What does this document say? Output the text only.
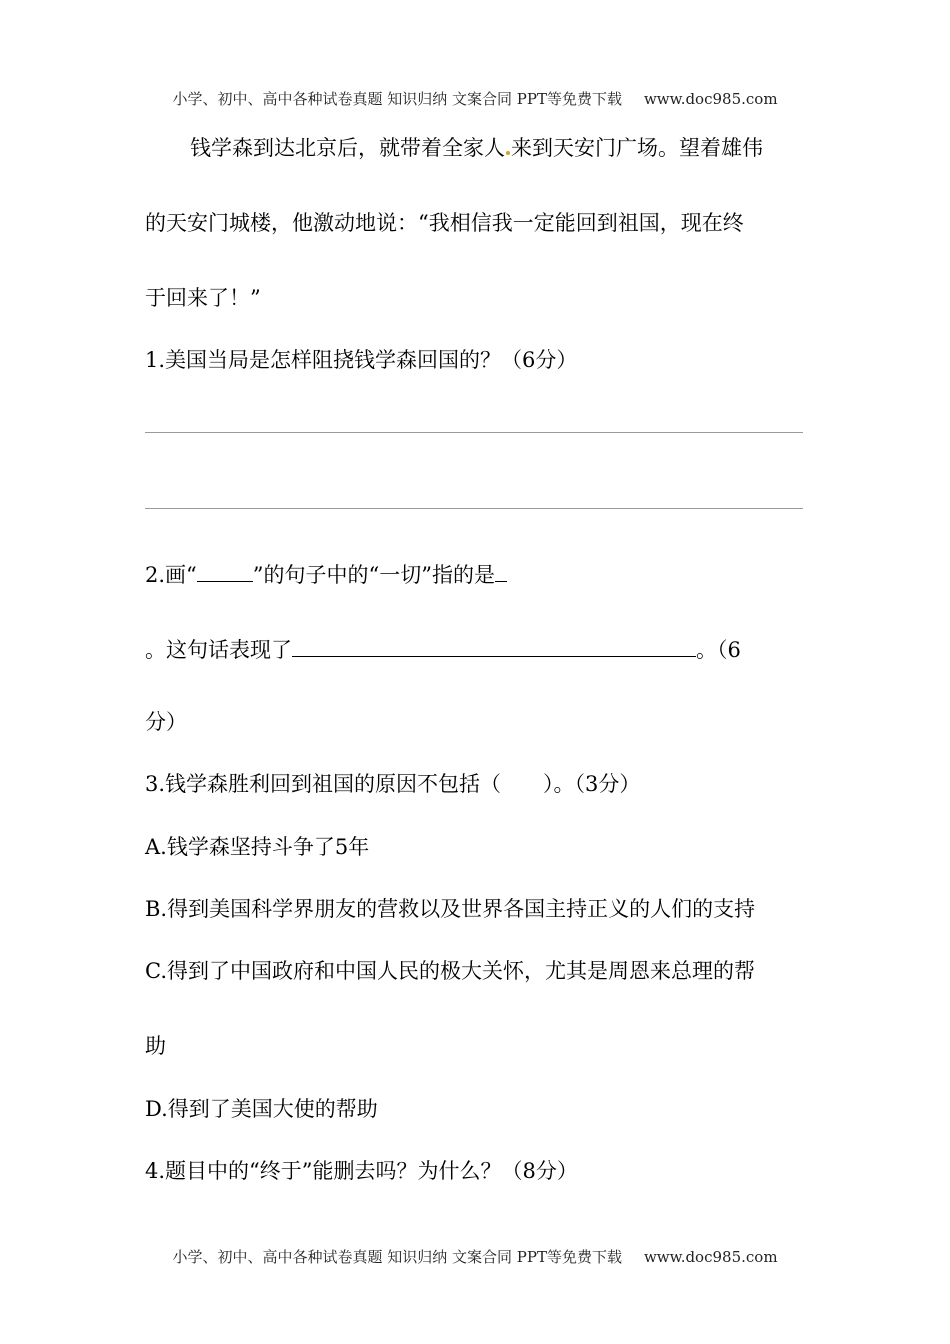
小学、初中、高中各种试卷真题 知识归纳 文案合同 PPT等免费下载 www.doc985.com
钱学森到达北京后，就带着全家人 来到天安门广场。望着雄伟
的天安门城楼，他激动地说：“我相信我一定能回到祖国，现在终
于回来了！”
1.美国当局是怎样阻挠钱学森回国的？（6分）
2.画“	”的句子中的“一切”指的是
。这句话表现了	。（6
分）
3.钱学森胜利回到祖国的原因不包括（　　）。（3分）
A.钱学森坚持斗争了5年
B.得到美国科学界朋友的营救以及世界各国主持正义的人们的支持
C.得到了中国政府和中国人民的极大关怀，尤其是周恩来总理的帮
助
D.得到了美国大使的帮助
4.题目中的“终于”能删去吗？为什么？（8分）
小学、初中、高中各种试卷真题 知识归纳 文案合同 PPT等免费下载 www.doc985.com
